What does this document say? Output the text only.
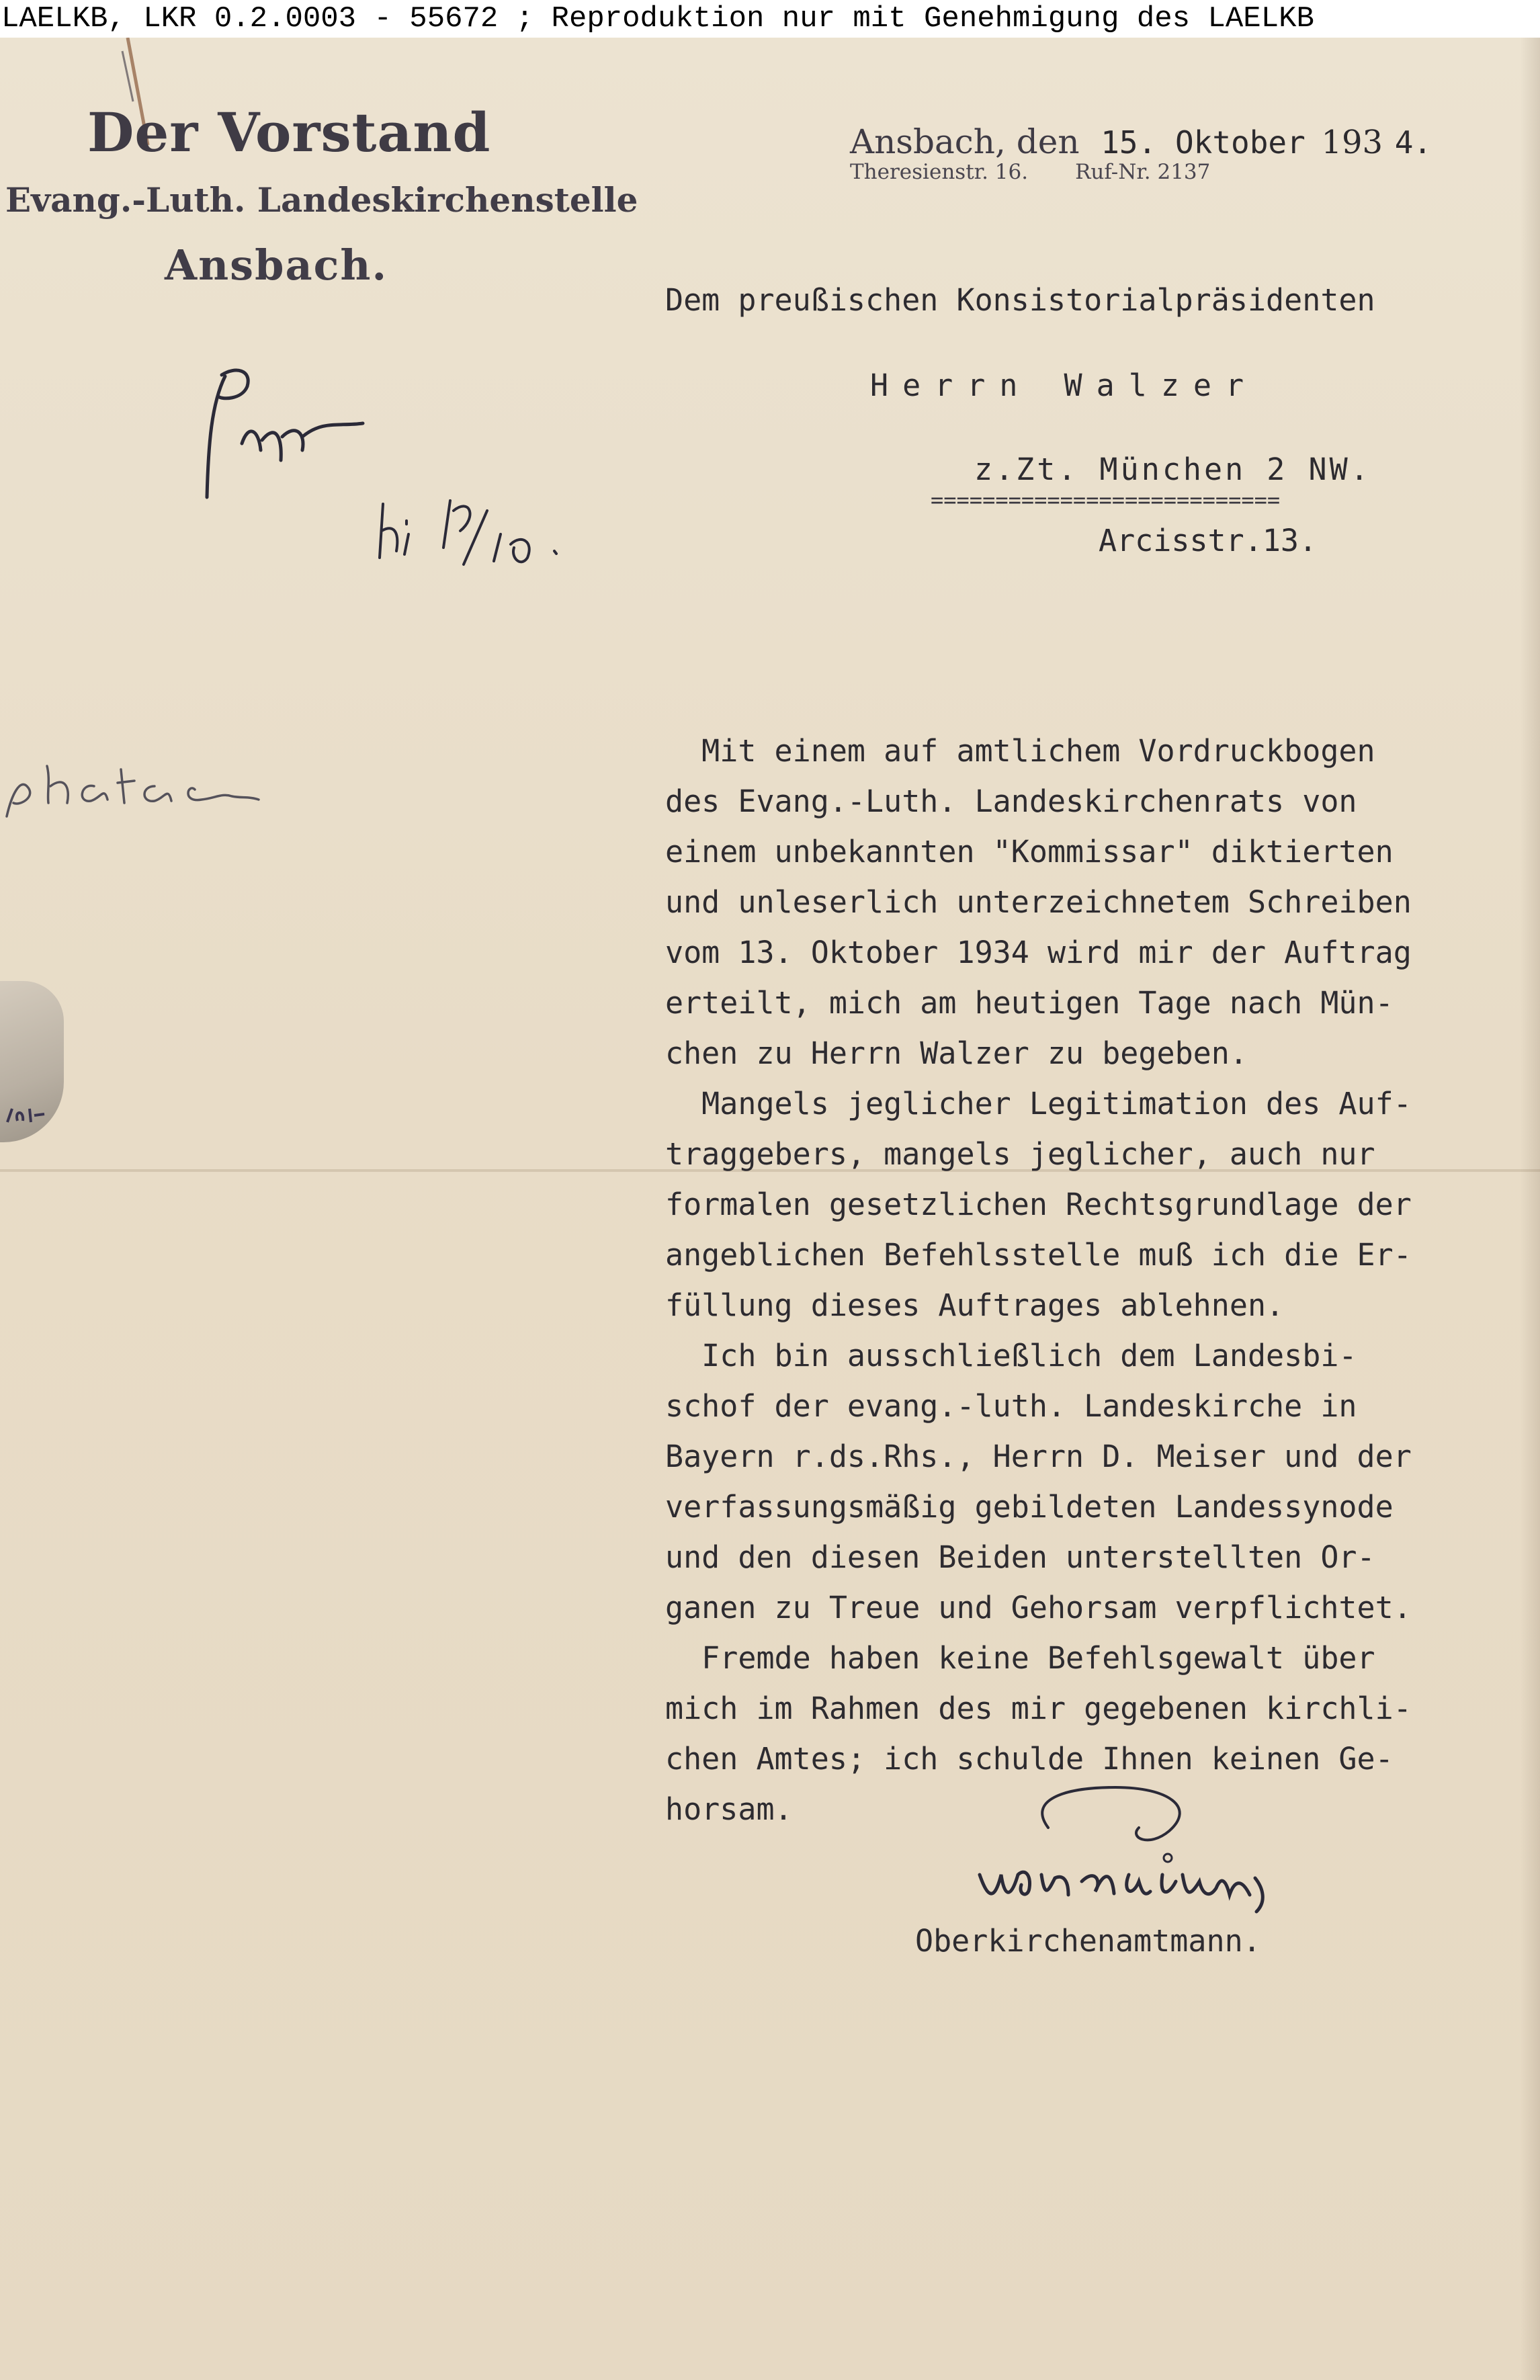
LAELKB, LKR 0.2.0003 - 55672 ; Reproduktion nur mit Genehmigung des LAELKB
Der Vorstand
Evang.-Luth. Landeskirchenstelle
Ansbach.
Ansbach, den 15. Oktober 193 4.
Theresienstr. 16. Ruf-Nr. 2137
Dem preußischen Konsistorialpräsidenten
Herrn Walzer
z.Zt. München 2 NW.
===========================
Arcisstr.13.
Mit einem auf amtlichem Vordruckbogen
des Evang.-Luth. Landeskirchenrats von
einem unbekannten "Kommissar" diktierten
und unleserlich unterzeichnetem Schreiben
vom 13. Oktober 1934 wird mir der Auftrag
erteilt, mich am heutigen Tage nach Mün-
chen zu Herrn Walzer zu begeben.
Mangels jeglicher Legitimation des Auf-
traggebers, mangels jeglicher, auch nur
formalen gesetzlichen Rechtsgrundlage der
angeblichen Befehlsstelle muß ich die Er-
füllung dieses Auftrages ablehnen.
Ich bin ausschließlich dem Landesbi-
schof der evang.-luth. Landeskirche in
Bayern r.ds.Rhs., Herrn D. Meiser und der
verfassungsmäßig gebildeten Landessynode
und den diesen Beiden unterstellten Or-
ganen zu Treue und Gehorsam verpflichtet.
Fremde haben keine Befehlsgewalt über
mich im Rahmen des mir gegebenen kirchli-
chen Amtes; ich schulde Ihnen keinen Ge-
horsam.
Oberkirchenamtmann.
